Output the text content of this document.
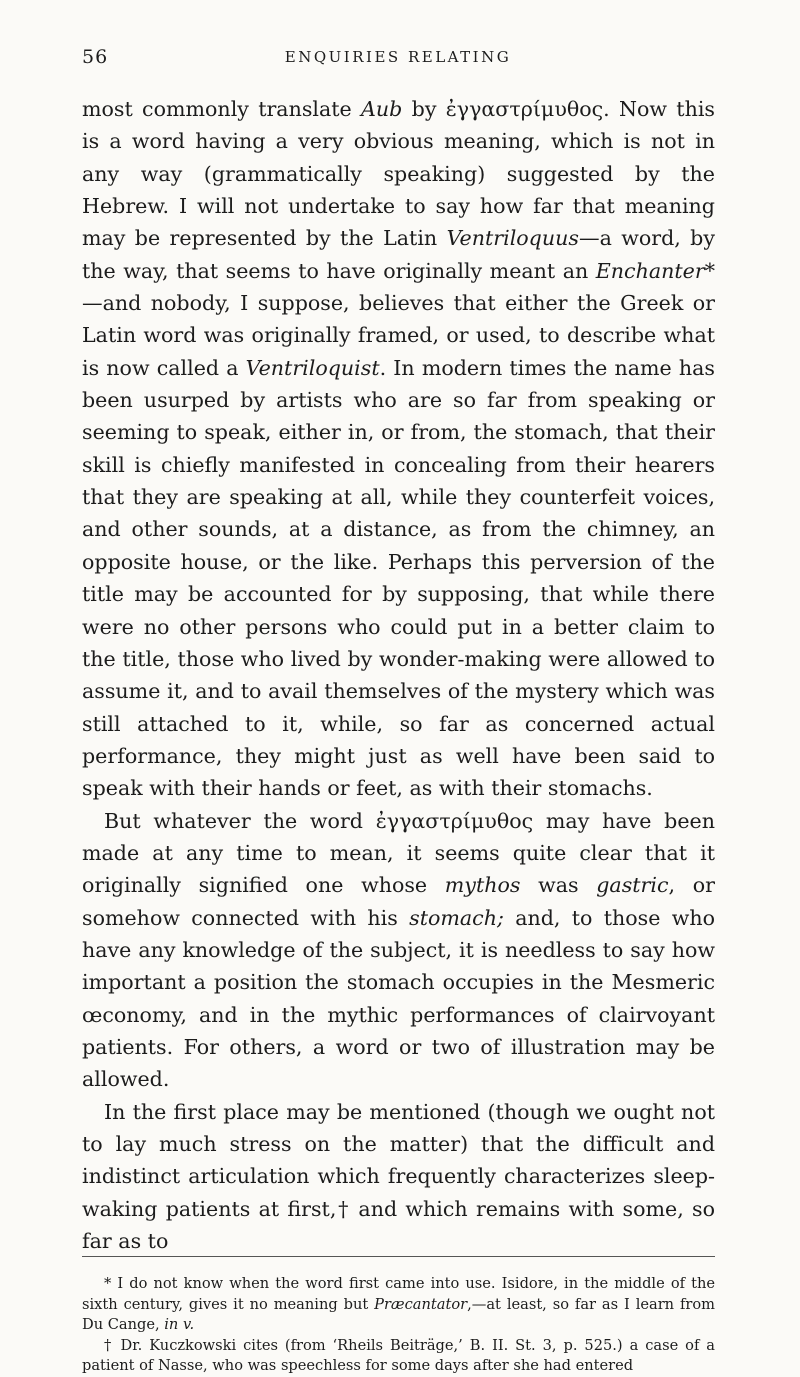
56	ENQUIRIES RELATING

most commonly translate Aub by ἐγγαστρίμυθος. Now this is a word having a very obvious meaning, which is not in any way (grammatically speaking) suggested by the Hebrew. I will not undertake to say how far that meaning may be represented by the Latin Ventriloquus—a word, by the way, that seems to have originally meant an Enchanter*—and nobody, I suppose, believes that either the Greek or Latin word was originally framed, or used, to describe what is now called a Ventriloquist. In modern times the name has been usurped by artists who are so far from speaking or seeming to speak, either in, or from, the stomach, that their skill is chiefly manifested in concealing from their hearers that they are speaking at all, while they counterfeit voices, and other sounds, at a distance, as from the chimney, an opposite house, or the like. Perhaps this perversion of the title may be accounted for by supposing, that while there were no other persons who could put in a better claim to the title, those who lived by wonder-making were allowed to assume it, and to avail themselves of the mystery which was still attached to it, while, so far as concerned actual performance, they might just as well have been said to speak with their hands or feet, as with their stomachs.

But whatever the word ἐγγαστρίμυθος may have been made at any time to mean, it seems quite clear that it originally signified one whose mythos was gastric, or somehow connected with his stomach; and, to those who have any knowledge of the subject, it is needless to say how important a position the stomach occupies in the Mesmeric œconomy, and in the mythic performances of clairvoyant patients. For others, a word or two of illustration may be allowed.

In the first place may be mentioned (though we ought not to lay much stress on the matter) that the difficult and indistinct articulation which frequently characterizes sleep-waking patients at first,† and which remains with some, so far as to

* I do not know when the word first came into use. Isidore, in the middle of the sixth century, gives it no meaning but Præcantator,—at least, so far as I learn from Du Cange, in v.

† Dr. Kuczkowski cites (from ‘Rheils Beiträge,’ B. II. St. 3, p. 525.) a case of a patient of Nasse, who was speechless for some days after she had entered
